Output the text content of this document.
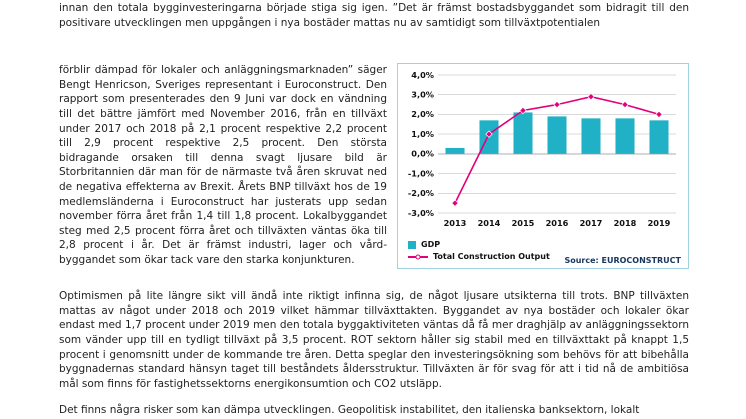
innan den totala bygginvesteringarna började stiga sig igen. ”Det är främst bostadsbyggandet som bidragit till den positivare utvecklingen men uppgången i nya bostäder mattas nu av samtidigt som tillväxtpotentialen

förblir dämpad för lokaler och anläggningsmarknaden” säger Bengt Henricson, Sveriges representant i Euroconstruct. Den rapport som presenterades den 9 Juni var dock en vändning till det bättre jämfört med November 2016, från en tillväxt under 2017 och 2018 på 2,1 procent respektive 2,2 procent till 2,9 procent respektive 2,5 procent. Den största bidragande orsaken till denna svagt ljusare bild är Storbritannien där man för de närmaste två åren skruvat ned de negativa effekterna av Brexit. Årets BNP tillväxt hos de 19 medlemsländerna i Euroconstruct har justerats upp sedan november förra året från 1,4 till 1,8 procent. Lokalbyggandet steg med 2,5 procent förra året och tillväxten väntas öka till 2,8 procent i år. Det är främst industri, lager och vård-byggandet som ökar tack vare den starka konjunkturen.

4,0%
3,0%
2,0%
1,0%
0,0%
-1,0%
-2,0%
-3,0%
2013 2014 2015 2016 2017 2018 2019
GDP
Total Construction Output Source: EUROCONSTRUCT

Optimismen på lite längre sikt vill ändå inte riktigt infinna sig, de något ljusare utsikterna till trots. BNP tillväxten mattas av något under 2018 och 2019 vilket hämmar tillväxttakten. Byggandet av nya bostäder och lokaler ökar endast med 1,7 procent under 2019 men den totala byggaktiviteten väntas då få mer draghjälp av anläggningssektorn som vänder upp till en tydligt tillväxt på 3,5 procent. ROT sektorn håller sig stabil med en tillväxttakt på knappt 1,5 procent i genomsnitt under de kommande tre åren. Detta speglar den investeringsökning som behövs för att bibehålla byggnadernas standard hänsyn taget till beståndets åldersstruktur. Tillväxten är för svag för att i tid nå de ambitiösa mål som finns för fastighetssektorns energikonsumtion och CO2 utsläpp.

Det finns några risker som kan dämpa utvecklingen. Geopolitisk instabilitet, den italienska banksektorn, lokalt
